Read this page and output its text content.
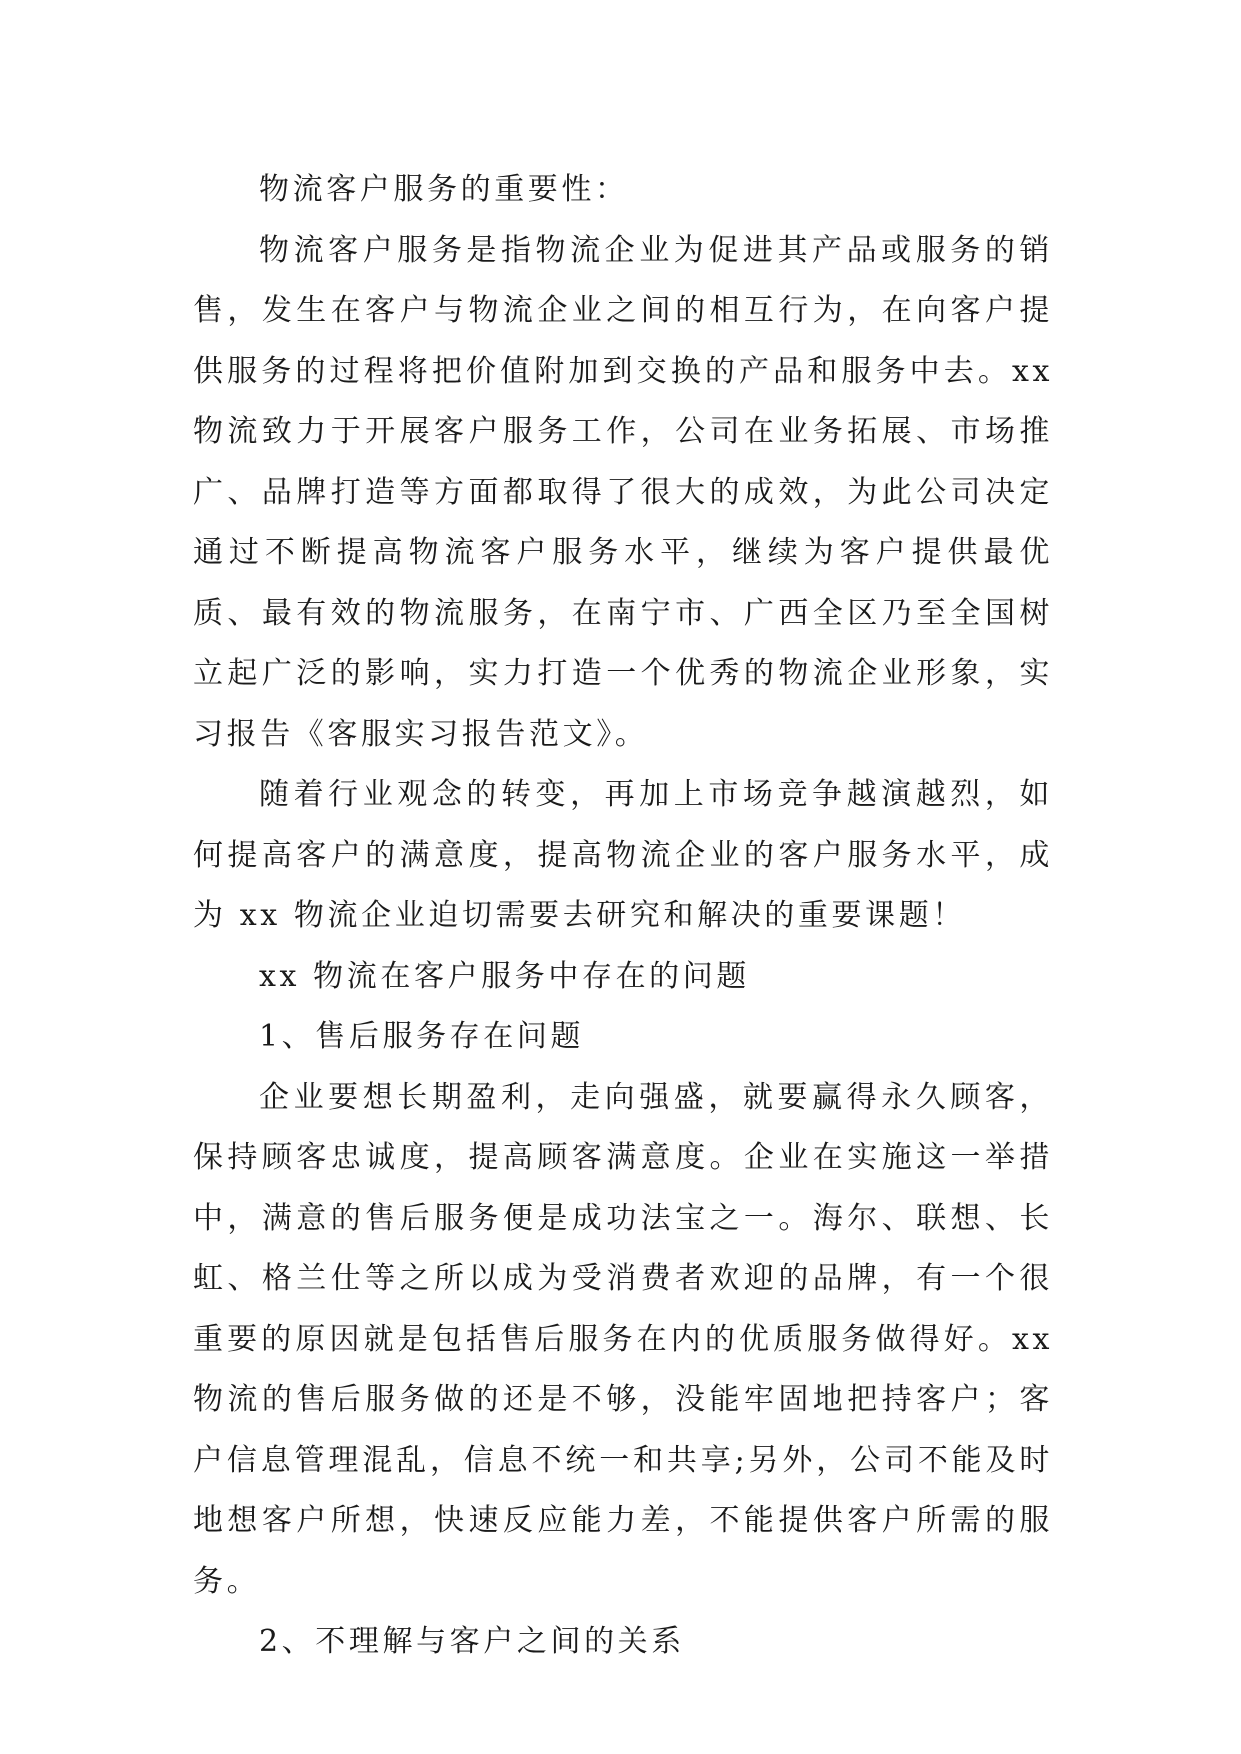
物流客户服务的重要性：

物流客户服务是指物流企业为促进其产品或服务的销售，发生在客户与物流企业之间的相互行为，在向客户提供服务的过程将把价值附加到交换的产品和服务中去。xx 物流致力于开展客户服务工作，公司在业务拓展、市场推广、品牌打造等方面都取得了很大的成效，为此公司决定通过不断提高物流客户服务水平，继续为客户提供最优质、最有效的物流服务，在南宁市、广西全区乃至全国树立起广泛的影响，实力打造一个优秀的物流企业形象，实习报告《客服实习报告范文》。

随着行业观念的转变，再加上市场竞争越演越烈，如何提高客户的满意度，提高物流企业的客户服务水平，成为 xx 物流企业迫切需要去研究和解决的重要课题！

xx 物流在客户服务中存在的问题

1、售后服务存在问题

企业要想长期盈利，走向强盛，就要赢得永久顾客，保持顾客忠诚度，提高顾客满意度。企业在实施这一举措中，满意的售后服务便是成功法宝之一。海尔、联想、长虹、格兰仕等之所以成为受消费者欢迎的品牌，有一个很重要的原因就是包括售后服务在内的优质服务做得好。xx 物流的售后服务做的还是不够，没能牢固地把持客户；客户信息管理混乱，信息不统一和共享;另外，公司不能及时地想客户所想，快速反应能力差，不能提供客户所需的服务。

2、不理解与客户之间的关系
